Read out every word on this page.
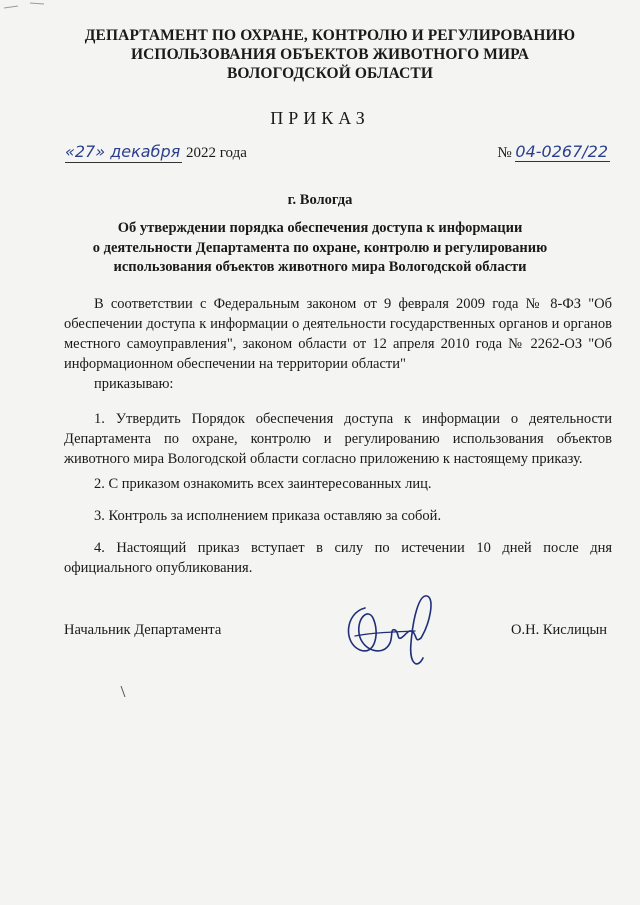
ДЕПАРТАМЕНТ ПО ОХРАНЕ, КОНТРОЛЮ И РЕГУЛИРОВАНИЮ
ИСПОЛЬЗОВАНИЯ ОБЪЕКТОВ ЖИВОТНОГО МИРА
ВОЛОГОДСКОЙ ОБЛАСТИ
ПРИКАЗ
«27» декабря 2022 года	№ 04-0267/22
г. Вологда
Об утверждении порядка обеспечения доступа к информации
о деятельности Департамента по охране, контролю и регулированию
использования объектов животного мира Вологодской области
В соответствии с Федеральным законом от 9 февраля 2009 года № 8-ФЗ "Об обеспечении доступа к информации о деятельности государственных органов и органов местного самоуправления", законом области от 12 апреля 2010 года № 2262-ОЗ "Об информационном обеспечении на территории области"
приказываю:
1. Утвердить Порядок обеспечения доступа к информации о деятельности Департамента по охране, контролю и регулированию использования объектов животного мира Вологодской области согласно приложению к настоящему приказу.
2. С приказом ознакомить всех заинтересованных лиц.
3. Контроль за исполнением приказа оставляю за собой.
4. Настоящий приказ вступает в силу по истечении 10 дней после дня официального опубликования.
Начальник Департамента	О.Н. Кислицын
